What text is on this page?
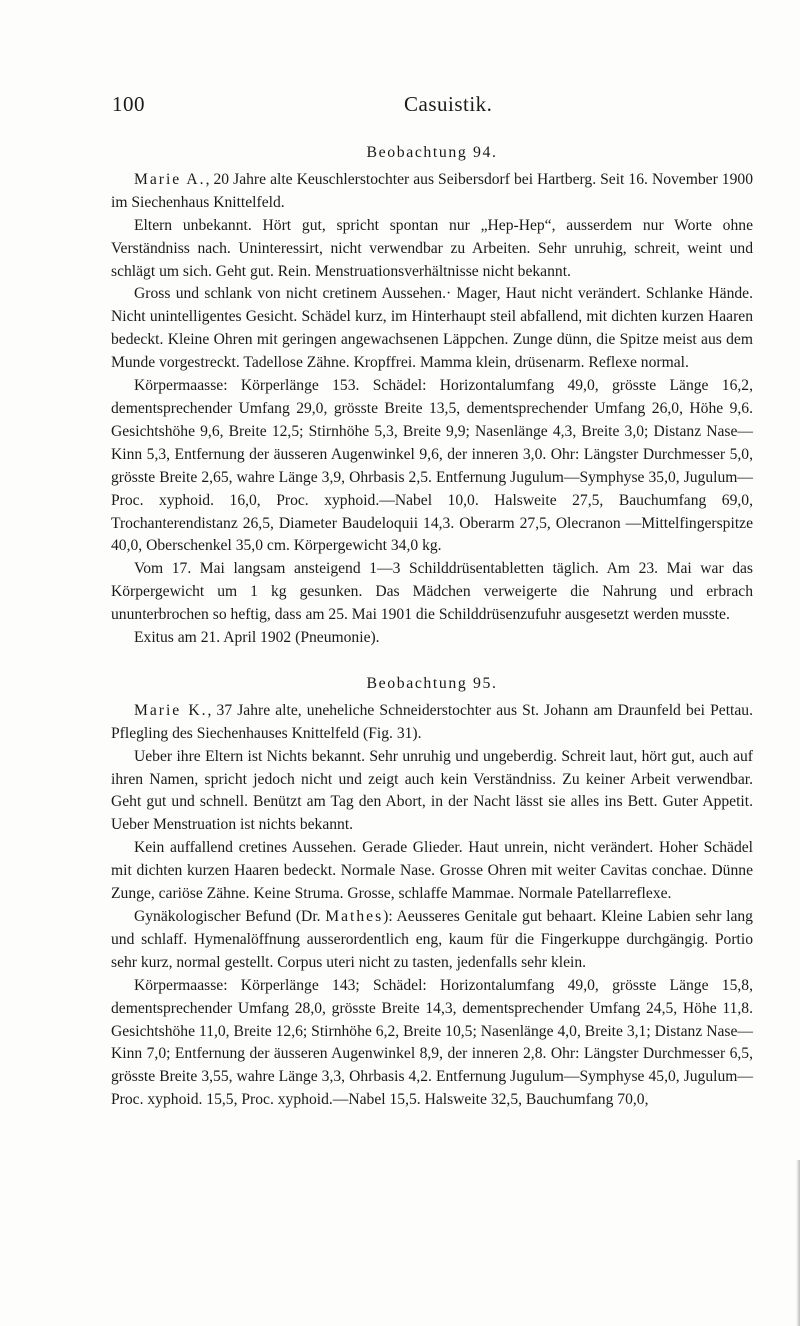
100	Casuistik.

Beobachtung 94.

Marie A., 20 Jahre alte Keuschlerstochter aus Seibersdorf bei Hartberg. Seit 16. November 1900 im Siechenhaus Knittelfeld.

Eltern unbekannt. Hört gut, spricht spontan nur „Hep-Hep“, ausserdem nur Worte ohne Verständniss nach. Uninteressirt, nicht verwendbar zu Arbeiten. Sehr unruhig, schreit, weint und schlägt um sich. Geht gut. Rein. Menstruationsverhältnisse nicht bekannt.

Gross und schlank von nicht cretinem Aussehen.· Mager, Haut nicht verändert. Schlanke Hände. Nicht unintelligentes Gesicht. Schädel kurz, im Hinterhaupt steil abfallend, mit dichten kurzen Haaren bedeckt. Kleine Ohren mit geringen angewachsenen Läppchen. Zunge dünn, die Spitze meist aus dem Munde vorgestreckt. Tadellose Zähne. Kropffrei. Mamma klein, drüsenarm. Reflexe normal.

Körpermaasse: Körperlänge 153. Schädel: Horizontalumfang 49,0, grösste Länge 16,2, dementsprechender Umfang 29,0, grösste Breite 13,5, dementsprechender Umfang 26,0, Höhe 9,6. Gesichtshöhe 9,6, Breite 12,5; Stirnhöhe 5,3, Breite 9,9; Nasenlänge 4,3, Breite 3,0; Distanz Nase—Kinn 5,3, Entfernung der äusseren Augenwinkel 9,6, der inneren 3,0. Ohr: Längster Durchmesser 5,0, grösste Breite 2,65, wahre Länge 3,9, Ohrbasis 2,5. Entfernung Jugulum—Symphyse 35,0, Jugulum—Proc. xyphoid. 16,0, Proc. xyphoid.—Nabel 10,0. Halsweite 27,5, Bauchumfang 69,0, Trochanterendistanz 26,5, Diameter Baudeloquii 14,3. Oberarm 27,5, Olecranon —Mittelfingerspitze 40,0, Oberschenkel 35,0 cm. Körpergewicht 34,0 kg.

Vom 17. Mai langsam ansteigend 1—3 Schilddrüsentabletten täglich. Am 23. Mai war das Körpergewicht um 1 kg gesunken. Das Mädchen verweigerte die Nahrung und erbrach ununterbrochen so heftig, dass am 25. Mai 1901 die Schilddrüsenzufuhr ausgesetzt werden musste.

Exitus am 21. April 1902 (Pneumonie).

Beobachtung 95.

Marie K., 37 Jahre alte, uneheliche Schneiderstochter aus St. Johann am Draunfeld bei Pettau. Pflegling des Siechenhauses Knittelfeld (Fig. 31).

Ueber ihre Eltern ist Nichts bekannt. Sehr unruhig und ungeberdig. Schreit laut, hört gut, auch auf ihren Namen, spricht jedoch nicht und zeigt auch kein Verständniss. Zu keiner Arbeit verwendbar. Geht gut und schnell. Benützt am Tag den Abort, in der Nacht lässt sie alles ins Bett. Guter Appetit. Ueber Menstruation ist nichts bekannt.

Kein auffallend cretines Aussehen. Gerade Glieder. Haut unrein, nicht verändert. Hoher Schädel mit dichten kurzen Haaren bedeckt. Normale Nase. Grosse Ohren mit weiter Cavitas conchae. Dünne Zunge, cariöse Zähne. Keine Struma. Grosse, schlaffe Mammae. Normale Patellarreflexe.

Gynäkologischer Befund (Dr. Mathes): Aeusseres Genitale gut behaart. Kleine Labien sehr lang und schlaff. Hymenalöffnung ausserordentlich eng, kaum für die Fingerkuppe durchgängig. Portio sehr kurz, normal gestellt. Corpus uteri nicht zu tasten, jedenfalls sehr klein.

Körpermaasse: Körperlänge 143; Schädel: Horizontalumfang 49,0, grösste Länge 15,8, dementsprechender Umfang 28,0, grösste Breite 14,3, dementsprechender Umfang 24,5, Höhe 11,8. Gesichtshöhe 11,0, Breite 12,6; Stirnhöhe 6,2, Breite 10,5; Nasenlänge 4,0, Breite 3,1; Distanz Nase—Kinn 7,0; Entfernung der äusseren Augenwinkel 8,9, der inneren 2,8. Ohr: Längster Durchmesser 6,5, grösste Breite 3,55, wahre Länge 3,3, Ohrbasis 4,2. Entfernung Jugulum—Symphyse 45,0, Jugulum—Proc. xyphoid. 15,5, Proc. xyphoid.—Nabel 15,5. Halsweite 32,5, Bauchumfang 70,0,
